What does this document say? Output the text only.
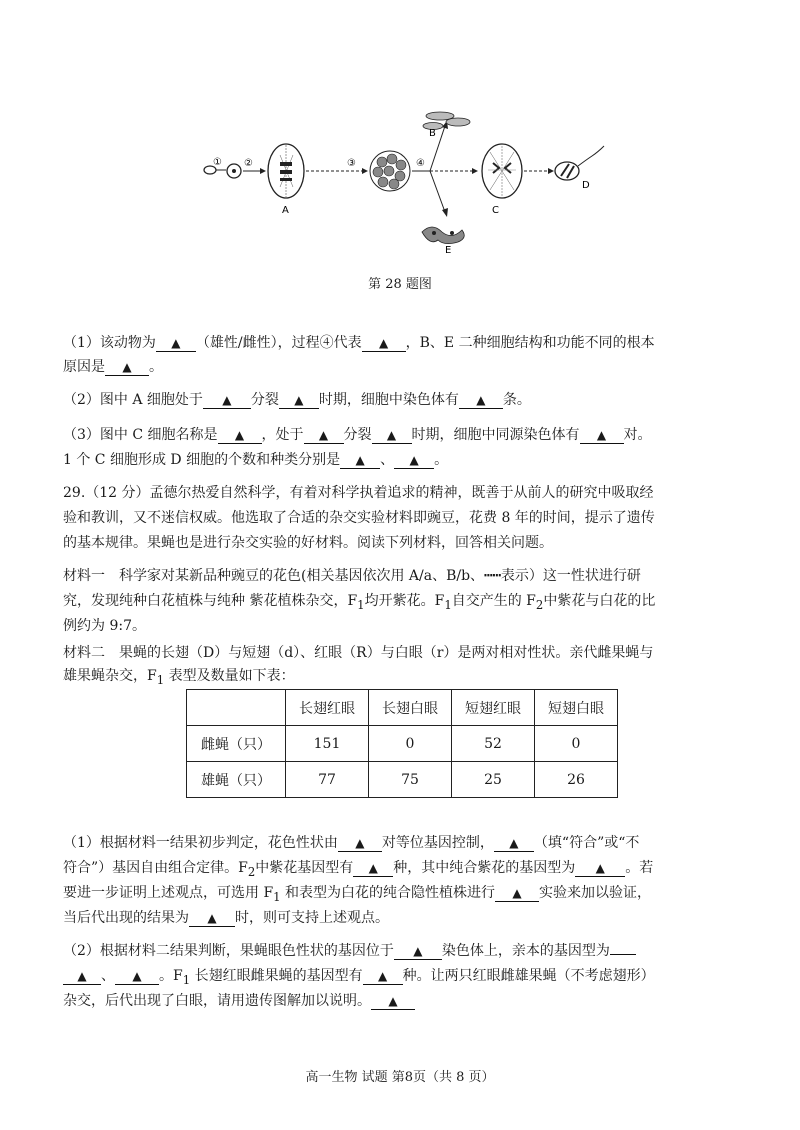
① ②
A
③	④
B
E
C
D
第 28 题图
（1）该动物为 ▲ （雄性/雌性），过程④代表 ▲ ，B、E 二种细胞结构和功能不同的根本
原因是 ▲ 。
（2）图中 A 细胞处于 ▲ 分裂 ▲ 时期，细胞中染色体有 ▲ 条。
（3）图中 C 细胞名称是 ▲ ，处于 ▲ 分裂 ▲ 时期，细胞中同源染色体有 ▲ 对。
1 个 C 细胞形成 D 细胞的个数和种类分别是 ▲ 、 ▲ 。
29.（12 分）孟德尔热爱自然科学，有着对科学执着追求的精神，既善于从前人的研究中吸取经
验和教训，又不迷信权威。他选取了合适的杂交实验材料即豌豆，花费 8 年的时间，提示了遗传
的基本规律。果蝇也是进行杂交实验的好材料。阅读下列材料，回答相关问题。
材料一　科学家对某新品种豌豆的花色(相关基因依次用 A/a、B/b、┅┅表示）这一性状进行研
究，发现纯种白花植株与纯种 紫花植株杂交，$F_1$均开紫花。$F_1$自交产生的 $F_2$中紫花与白花的比
例约为 9:7。
材料二　果蝇的长翅（D）与短翅（d）、红眼（R）与白眼（r）是两对相对性状。亲代雌果蝇与
雄果蝇杂交，$F_1$ 表型及数量如下表：
	长翅红眼	长翅白眼	短翅红眼	短翅白眼
雌蝇（只）	151	0	52	0
雄蝇（只）	77	75	25	26
（1）根据材料一结果初步判定，花色性状由 ▲ 对等位基因控制， ▲ （填“符合”或“不
符合”）基因自由组合定律。$F_2$中紫花基因型有 ▲ 种，其中纯合紫花的基因型为 ▲ 。若
要进一步证明上述观点，可选用 $F_1$ 和表型为白花的纯合隐性植株进行 ▲ 实验来加以验证，
当后代出现的结果为 ▲ 时，则可支持上述观点。
（2）根据材料二结果判断，果蝇眼色性状的基因位于 ▲ 染色体上，亲本的基因型为
▲ 、 ▲ 。$F_1$ 长翅红眼雌果蝇的基因型有 ▲ 种。让两只红眼雌雄果蝇（不考虑翅形）
杂交，后代出现了白眼，请用遗传图解加以说明。 ▲
高一生物 试题 第8页（共 8 页）
